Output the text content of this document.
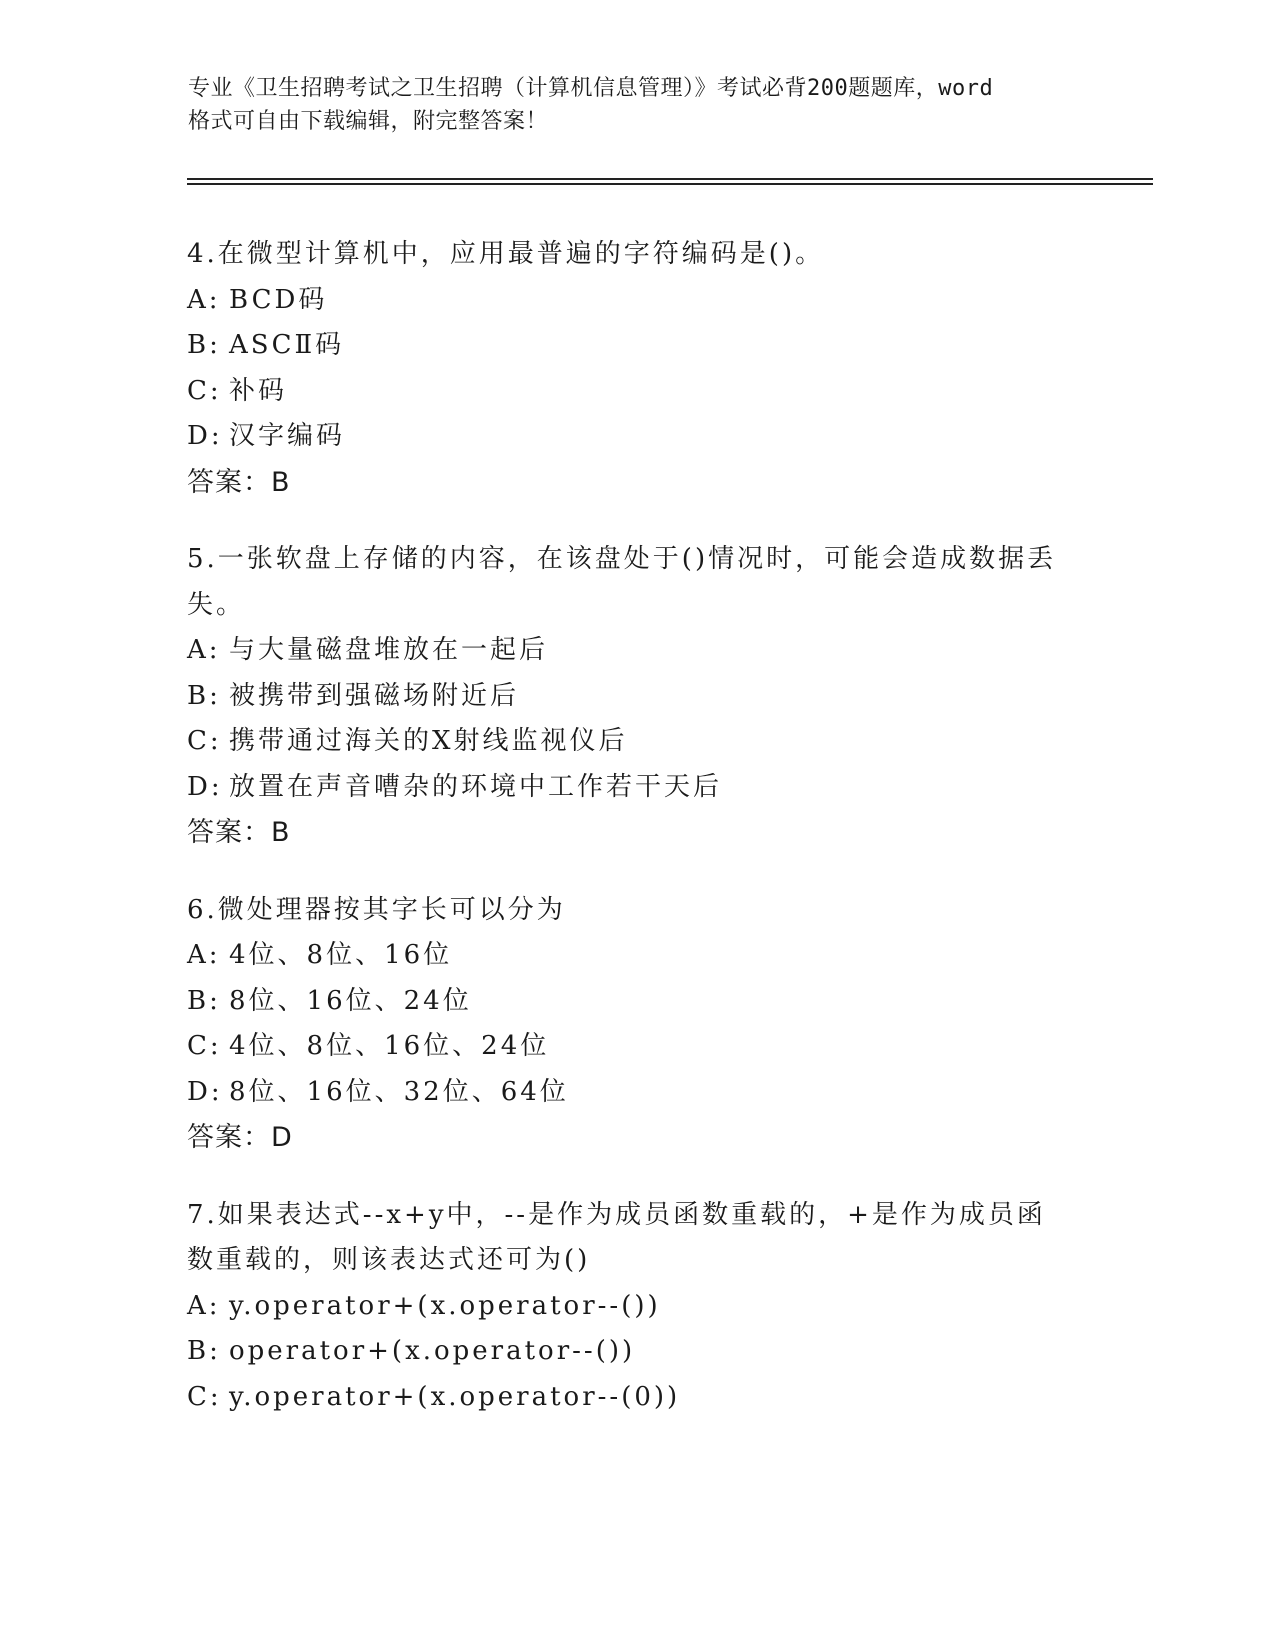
专业《卫生招聘考试之卫生招聘（计算机信息管理）》考试必背200题题库，word
格式可自由下载编辑，附完整答案！
4.在微型计算机中，应用最普遍的字符编码是()。
A: BCD码
B: ASCⅡ码
C: 补码
D: 汉字编码
答案：B
5.一张软盘上存储的内容，在该盘处于()情况时，可能会造成数据丢失。
A: 与大量磁盘堆放在一起后
B: 被携带到强磁场附近后
C: 携带通过海关的X射线监视仪后
D: 放置在声音嘈杂的环境中工作若干天后
答案：B
6.微处理器按其字长可以分为
A: 4位、8位、16位
B: 8位、16位、24位
C: 4位、8位、16位、24位
D: 8位、16位、32位、64位
答案：D
7.如果表达式--x+y中，--是作为成员函数重载的，+是作为成员函数重载的，则该表达式还可为()
A: y.operator+(x.operator--())
B: operator+(x.operator--())
C: y.operator+(x.operator--(0))
